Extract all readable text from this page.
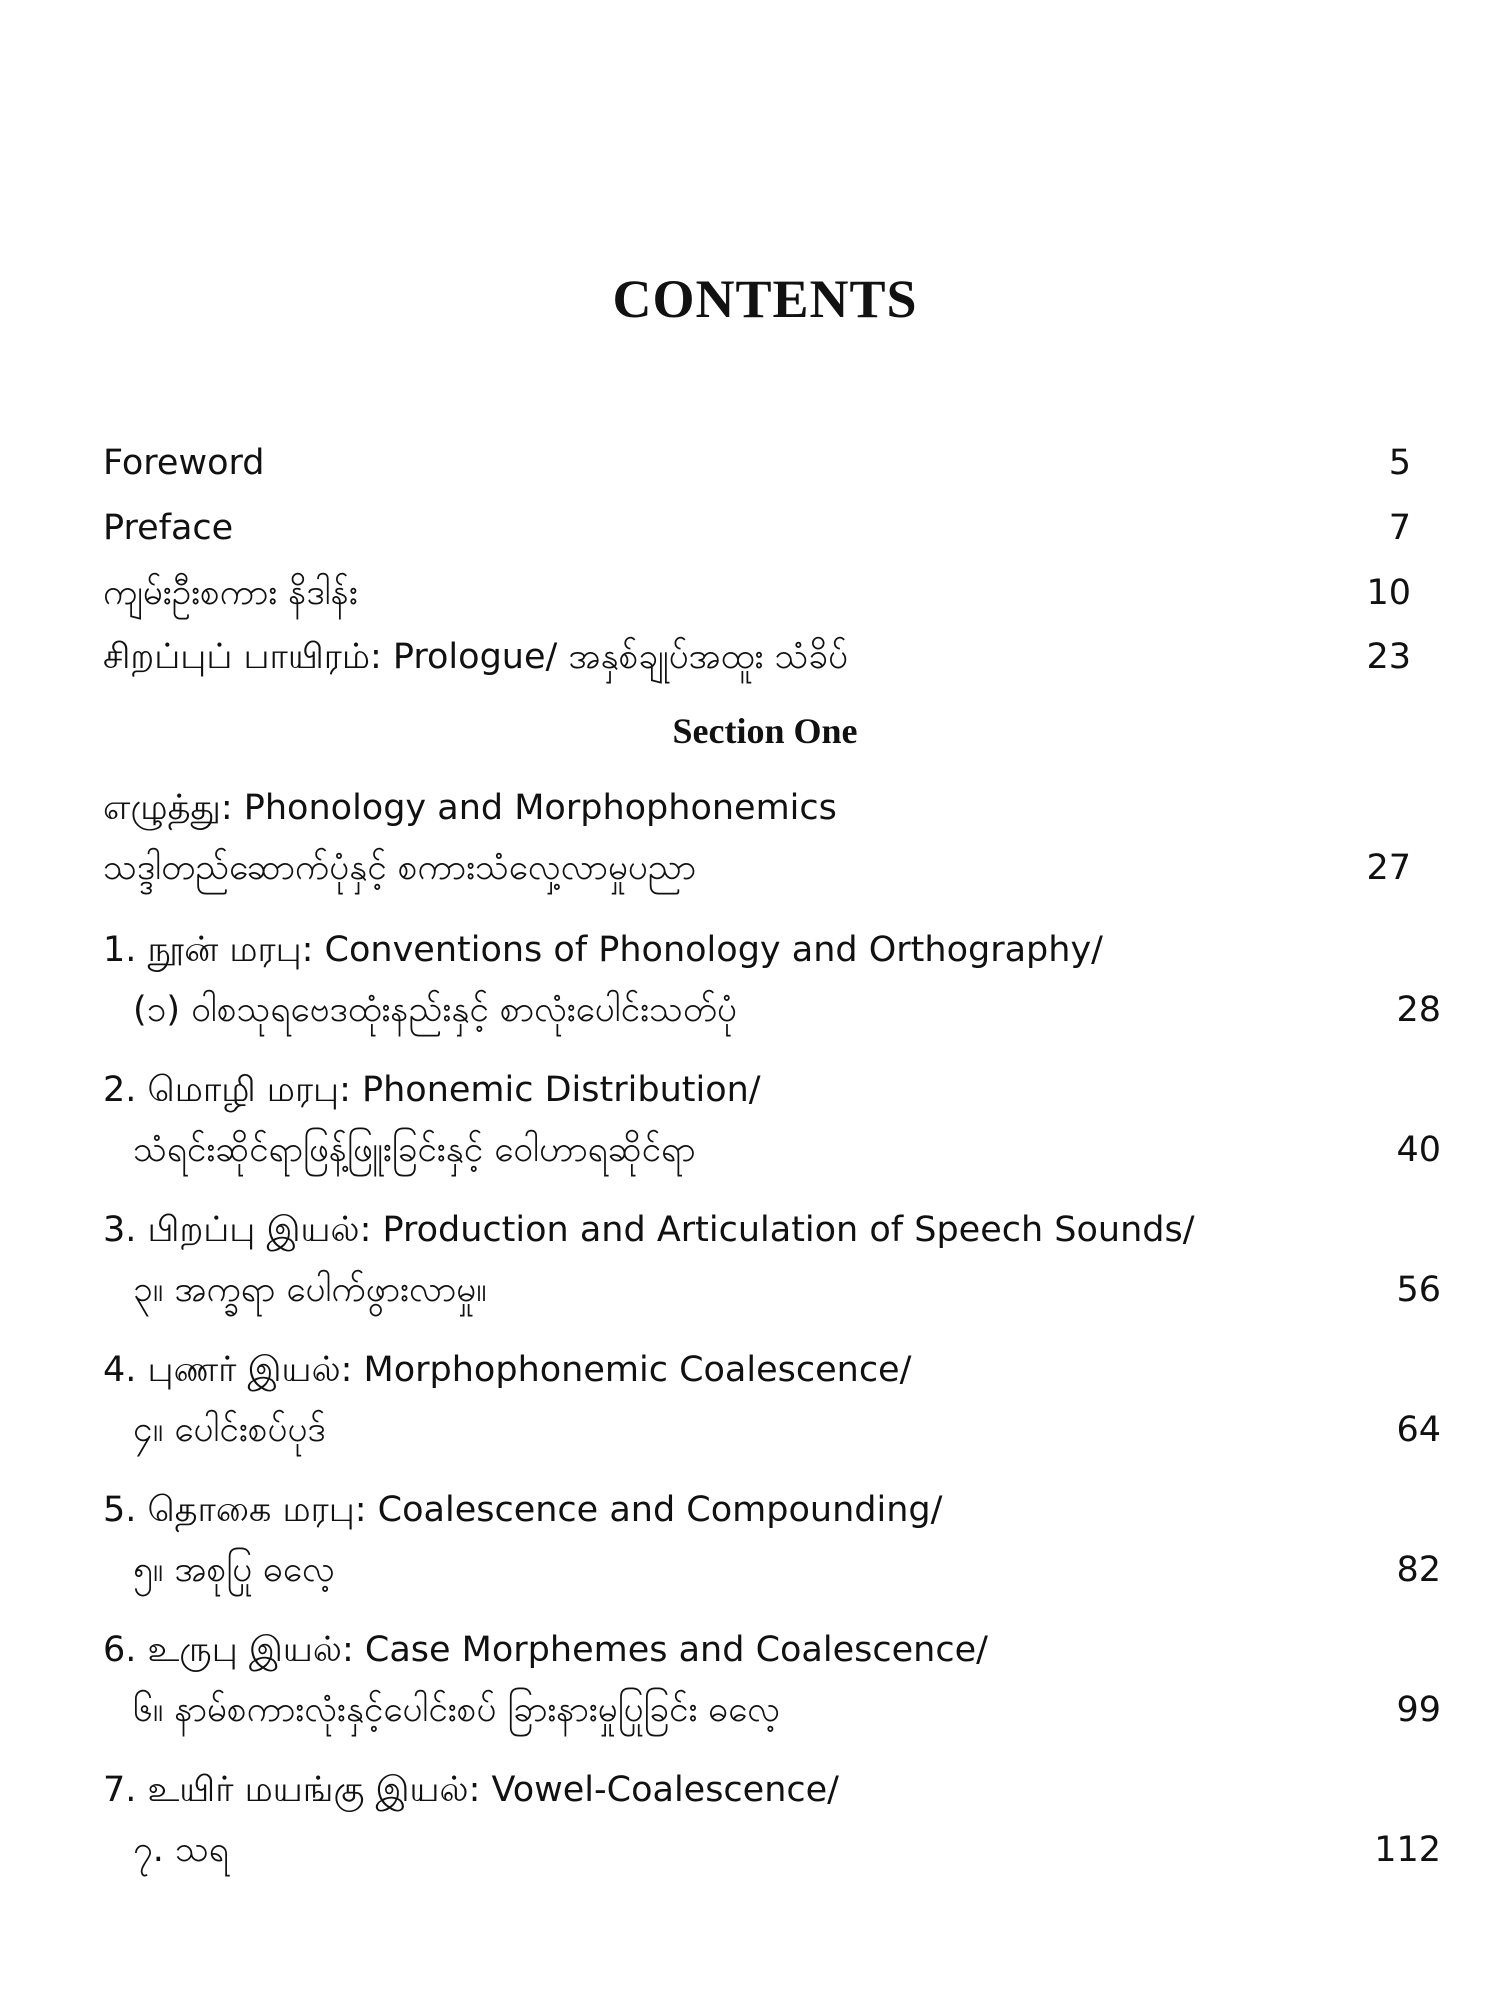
CONTENTS
Foreword	5
Preface	7
ကျမ်းဦးစကား နိဒါန်း	10
சிறப்புப் பாயிரம்: Prologue/ အနှစ်ချုပ်အထူး သံခိပ်	23
Section One
எழுத்து: Phonology and Morphophonemics
သဒ္ဒါတည်ဆောက်ပုံနှင့် စကားသံလှေ့လာမှုပညာ	27
1. நூன் மரபு: Conventions of Phonology and Orthography/
(၁) ဝါစသုရဗေဒထုံးနည်းနှင့် စာလုံးပေါင်းသတ်ပုံ	28
2. மொழி மரபு: Phonemic Distribution/
သံရင်းဆိုင်ရာဖြန့်ဖြူးခြင်းနှင့် ဝေါဟာရဆိုင်ရာ	40
3. பிறப்பு இயல்: Production and Articulation of Speech Sounds/
၃။ အက္ခရာ ပေါက်ဖွားလာမှု။	56
4. புணர் இயல்: Morphophonemic Coalescence/
၄။ ပေါင်းစပ်ပုဒ်	64
5. தொகை மரபு: Coalescence and Compounding/
၅။ အစုပြု ဓလေ့	82
6. உருபு இயல்: Case Morphemes and Coalescence/
၆။ နာမ်စကားလုံးနှင့်ပေါင်းစပ် ခြားနားမှုပြုခြင်း ဓလေ့	99
7. உயிர் மயங்கு இயல்: Vowel-Coalescence/
၇. သရ	112
